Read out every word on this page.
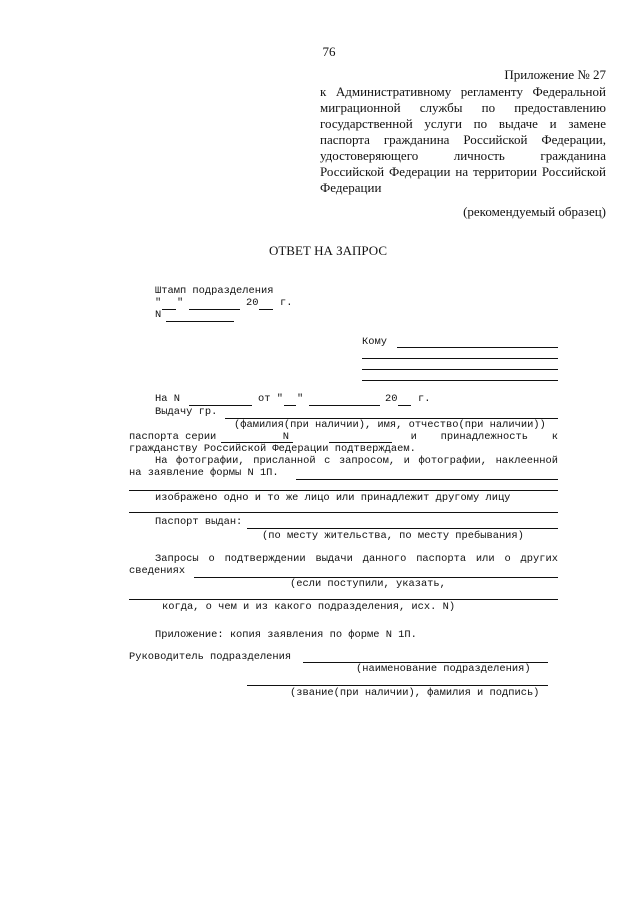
76
Приложение № 27
к Административному регламенту Федеральной
миграционной службы по предоставлению
государственной услуги по выдаче и замене
паспорта гражданина Российской Федерации,
удостоверяющего	личность	гражданина
Российской Федерации на территории Российской
Федерации
(рекомендуемый образец)
ОТВЕТ НА ЗАПРОС
Штамп подразделения
" "	20 г.
N
Кому
На N	от " "	20 г.
Выдачу гр.
(фамилия(при наличии), имя, отчество(при наличии))
паспорта серии	N	и принадлежность к
гражданству Российской Федерации подтверждаем.
На фотографии, присланной с запросом, и фотографии, наклеенной
на заявление формы N 1П.
изображено одно и то же лицо или принадлежит другому лицу
Паспорт выдан:
(по месту жительства, по месту пребывания)
Запросы о подтверждении выдачи данного паспорта или о других
сведениях
(если поступили, указать,
когда, о чем и из какого подразделения, исх. N)
Приложение: копия заявления по форме N 1П.
Руководитель подразделения
(наименование подразделения)
(звание(при наличии), фамилия и подпись)
